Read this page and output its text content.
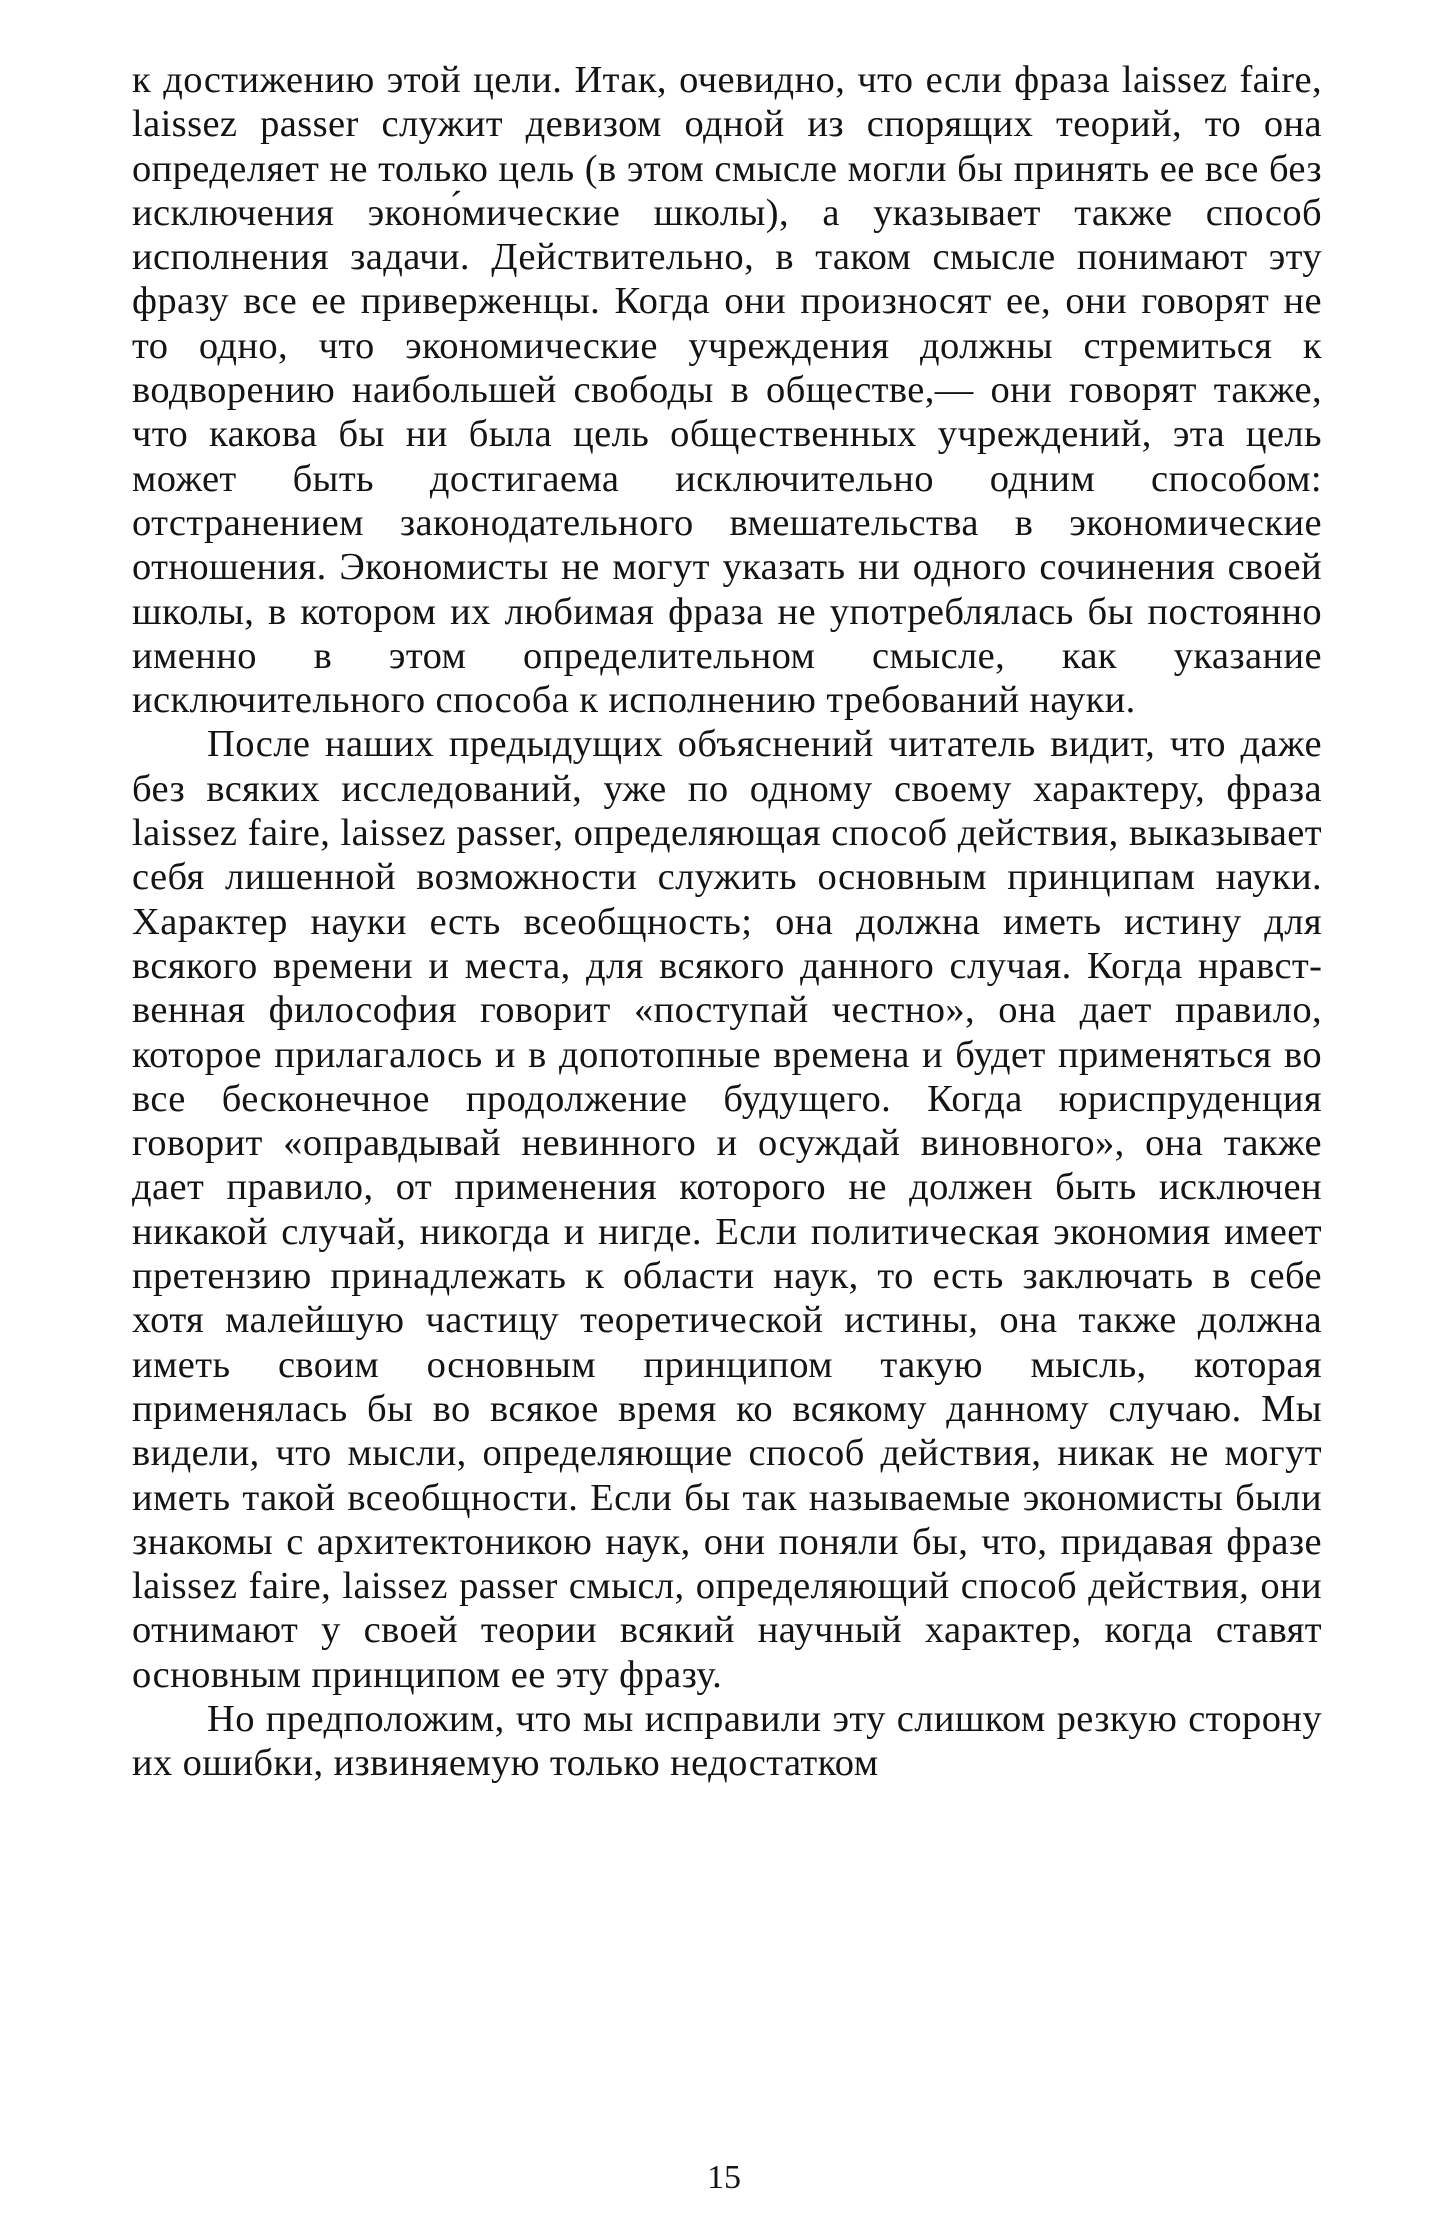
к достижению этой цели. Итак, очевидно, что если фраза laissez faire, laissez passer служит девизом одной из спорящих теорий, то она определяет не только цель (в этом смысле могли бы принять ее все без исключения эконо́мические школы), а указывает также способ исполнения задачи. Действительно, в таком смысле понимают эту фразу все ее приверженцы. Когда они произносят ее, они говорят не то одно, что экономические учреждения должны стремиться к водворению наибольшей свободы в обществе,— они говорят также, что какова бы ни была цель общественных учреждений, эта цель может быть достигаема исключительно одним способом: отстранением законодательного вмешательства в экономические отношения. Экономисты не могут указать ни одного сочинения своей школы, в котором их любимая фраза не употреблялась бы постоянно именно в этом определительном смысле, как указание исключительного способа к исполнению требований науки.

После наших предыдущих объяснений читатель видит, что даже без всяких исследований, уже по одному своему характеру, фраза laissez faire, laissez passer, определяющая способ действия, выказывает себя лишенной возможности служить основным принципам науки. Характер науки есть всеобщность; она должна иметь истину для всякого времени и места, для всякого данного случая. Когда нравственная философия говорит «поступай честно», она дает правило, которое прилагалось и в допотопные времена и будет применяться во все бесконечное продолжение будущего. Когда юриспруденция говорит «оправдывай невинного и осуждай виновного», она также дает правило, от применения которого не должен быть исключен никакой случай, никогда и нигде. Если политическая экономия имеет претензию принадлежать к области наук, то есть заключать в себе хотя малейшую частицу теоретической истины, она также должна иметь своим основным принципом такую мысль, которая применялась бы во всякое время ко всякому данному случаю. Мы видели, что мысли, определяющие способ действия, никак не могут иметь такой всеобщности. Если бы так называемые экономисты были знакомы с архитектоникою наук, они поняли бы, что, придавая фразе laissez faire, laissez passer смысл, определяющий способ действия, они отнимают у своей теории всякий научный характер, когда ставят основным принципом ее эту фразу.

Но предположим, что мы исправили эту слишком резкую сторону их ошибки, извиняемую только недостатком

15
